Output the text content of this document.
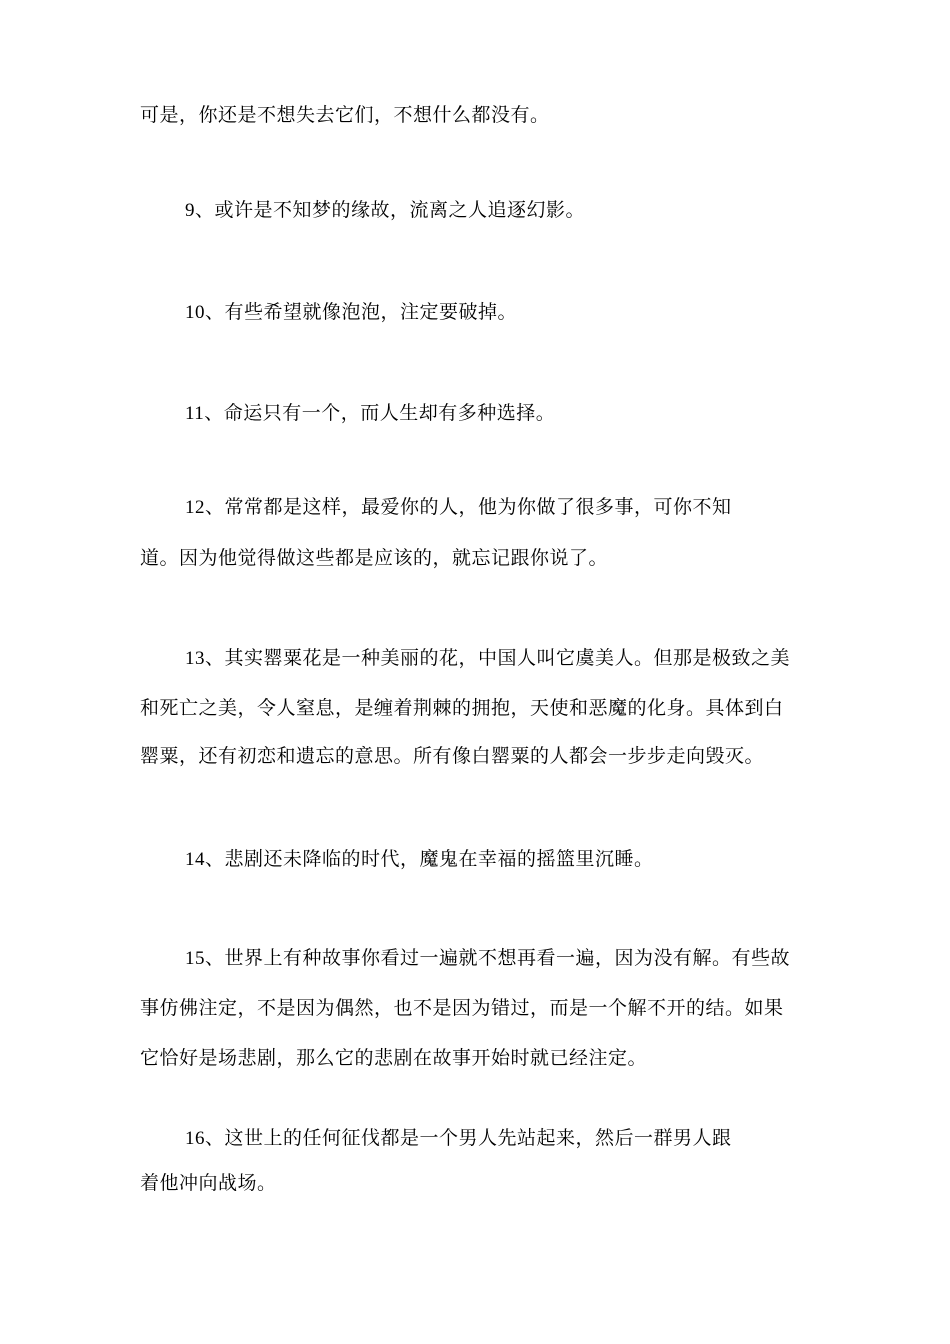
可是，你还是不想失去它们，不想什么都没有。
9、或许是不知梦的缘故，流离之人追逐幻影。
10、有些希望就像泡泡，注定要破掉。
11、命运只有一个，而人生却有多种选择。
12、常常都是这样，最爱你的人，他为你做了很多事，可你不知
道。因为他觉得做这些都是应该的，就忘记跟你说了。
13、其实罂粟花是一种美丽的花，中国人叫它虞美人。但那是极致之美
和死亡之美，令人窒息，是缠着荆棘的拥抱，天使和恶魔的化身。具体到白
罂粟，还有初恋和遗忘的意思。所有像白罂粟的人都会一步步走向毁灭。
14、悲剧还未降临的时代，魔鬼在幸福的摇篮里沉睡。
15、世界上有种故事你看过一遍就不想再看一遍，因为没有解。有些故
事仿佛注定，不是因为偶然，也不是因为错过，而是一个解不开的结。如果
它恰好是场悲剧，那么它的悲剧在故事开始时就已经注定。
16、这世上的任何征伐都是一个男人先站起来，然后一群男人跟
着他冲向战场。
